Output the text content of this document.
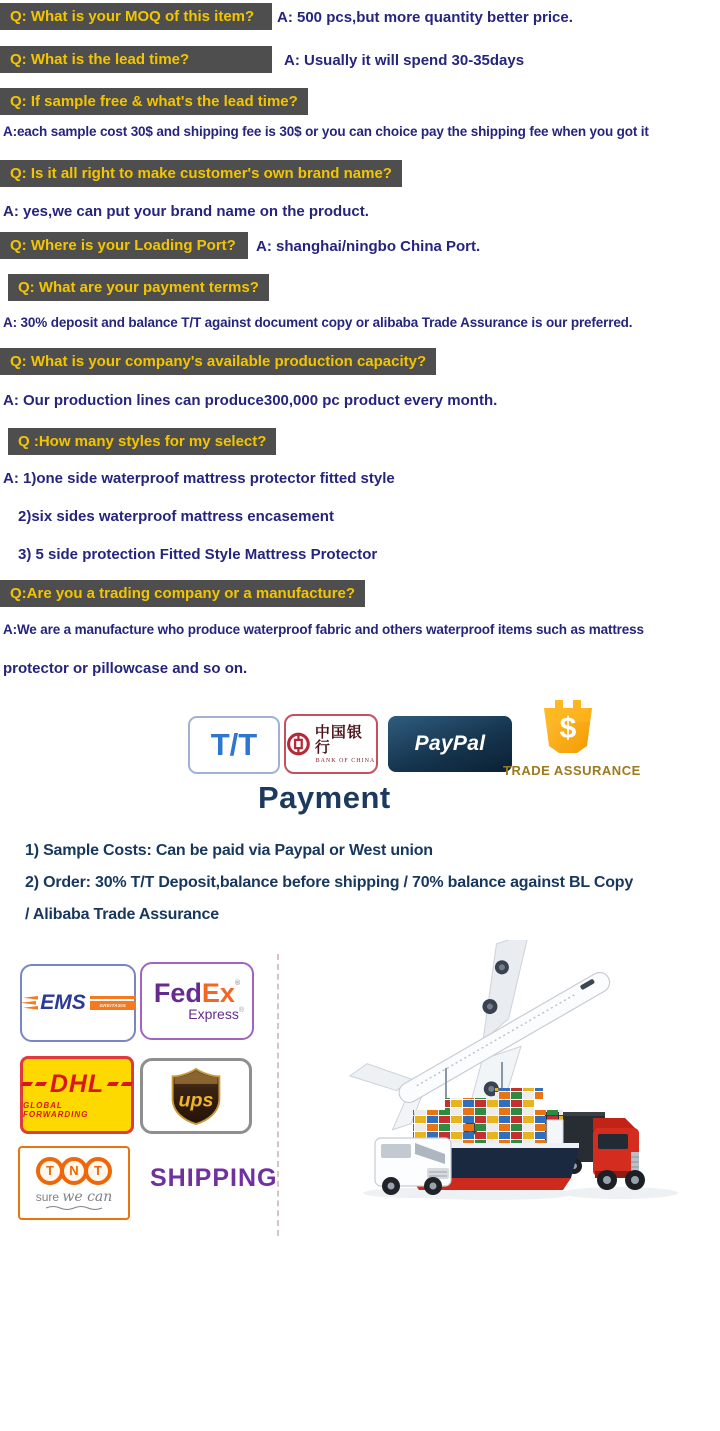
Q: What is your MOQ of this item?	A: 500 pcs,but more quantity better price.
Q: What is the lead time?	A: Usually it will spend 30-35days
Q: If sample free & what's the lead time?
A:each sample cost 30$ and shipping fee is 30$ or you can choice pay the shipping fee when you got it
Q: Is it all right to make customer's own brand name?
A: yes,we can put your brand name on the product.
Q: Where is your Loading Port?	A: shanghai/ningbo China Port.
Q: What are your payment terms?
A: 30% deposit and balance T/T against document copy or alibaba Trade Assurance is our preferred.
Q: What is your company's available production capacity?
A: Our production lines can produce300,000 pc product every month.
Q :How many styles for my select?
A: 1)one side waterproof mattress protector fitted style
2)six sides waterproof mattress encasement
3) 5 side protection Fitted Style Mattress Protector
Q:Are you a trading company or a manufacture?
A:We are a manufacture who produce waterproof fabric and others waterproof items such as mattress
protector or pillowcase and so on.
T/T	中国银行
BANK OF CHINA
PayPal $
TRADE ASSURANCE
Payment
1) Sample Costs: Can be paid via Paypal or West union
2) Order: 30% T/T Deposit,balance before shipping / 70% balance against BL Copy
/ Alibaba Trade Assurance
EMS	GREITASIS PAŠTAS
FedEx®
Express®
DHL
GLOBAL FORWARDING
ups
T	N	T
sure we can
SHIPPING
